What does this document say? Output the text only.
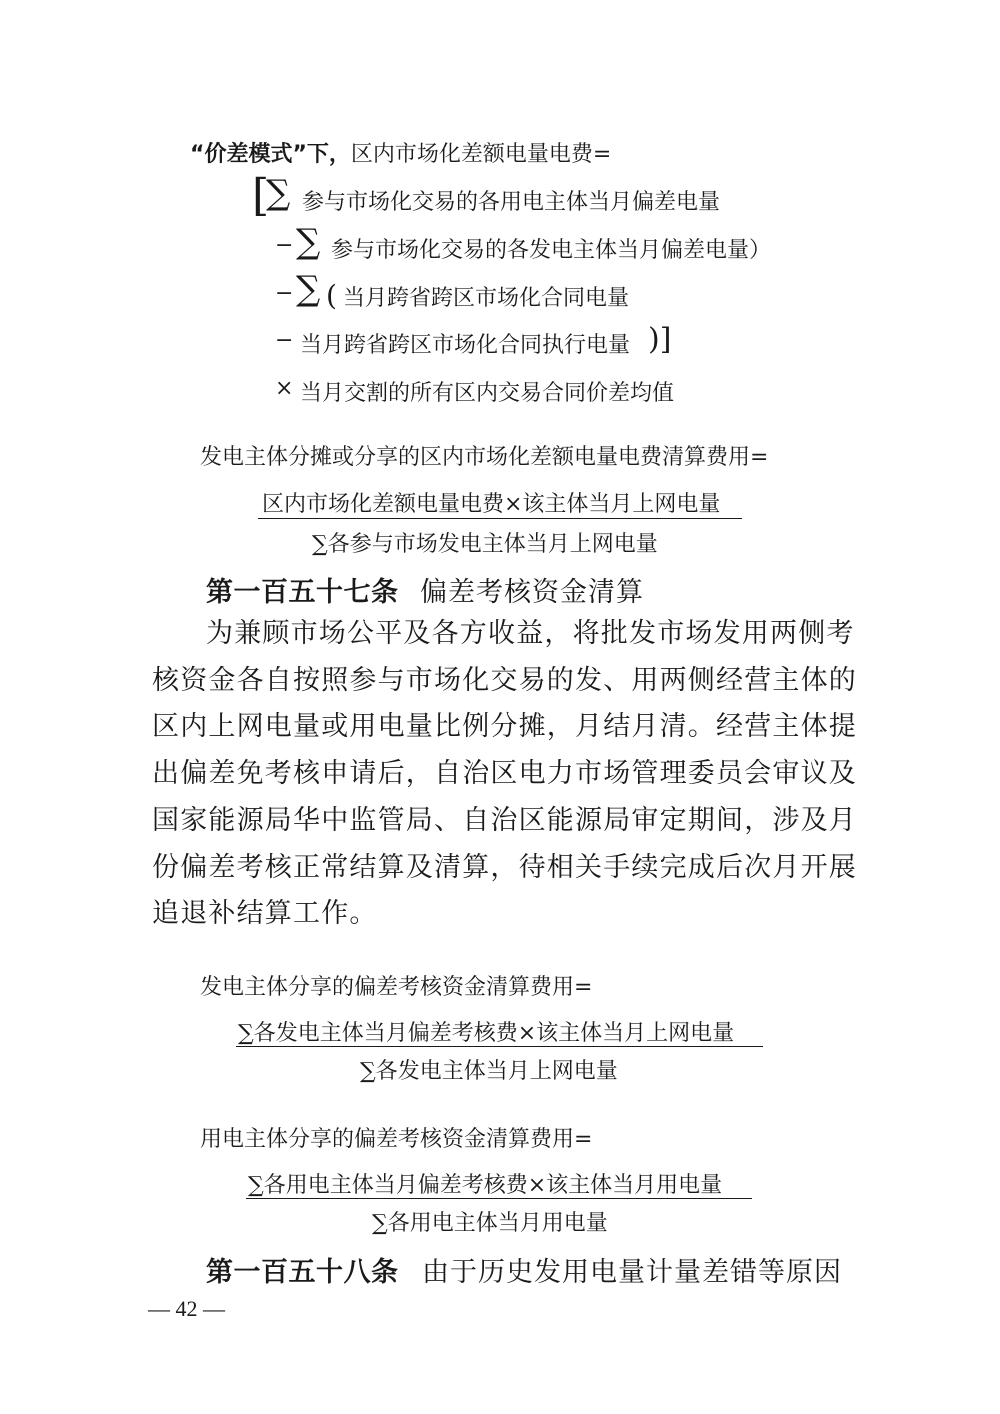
“价差模式”下，区内市场化差额电量电费=
[
∑ 参与市场化交易的各用电主体当月偏差电量
− ∑ 参与市场化交易的各发电主体当月偏差电量）
− ∑ ( 当月跨省跨区市场化合同电量
− 当月跨省跨区市场化合同执行电量 )]
× 当月交割的所有区内交易合同价差均值
发电主体分摊或分享的区内市场化差额电量电费清算费用=
区内市场化差额电量电费×该主体当月上网电量
∑各参与市场发电主体当月上网电量
第一百五十七条 偏差考核资金清算
为兼顾市场公平及各方收益，将批发市场发用两侧考核资金各自按照参与市场化交易的发、用两侧经营主体的区内上网电量或用电量比例分摊，月结月清。经营主体提出偏差免考核申请后，自治区电力市场管理委员会审议及国家能源局华中监管局、自治区能源局审定期间，涉及月份偏差考核正常结算及清算，待相关手续完成后次月开展追退补结算工作。
发电主体分享的偏差考核资金清算费用=
∑各发电主体当月偏差考核费×该主体当月上网电量
∑各发电主体当月上网电量
用电主体分享的偏差考核资金清算费用=
∑各用电主体当月偏差考核费×该主体当月用电量
∑各用电主体当月用电量
第一百五十八条 由于历史发用电量计量差错等原因
— 42 —
